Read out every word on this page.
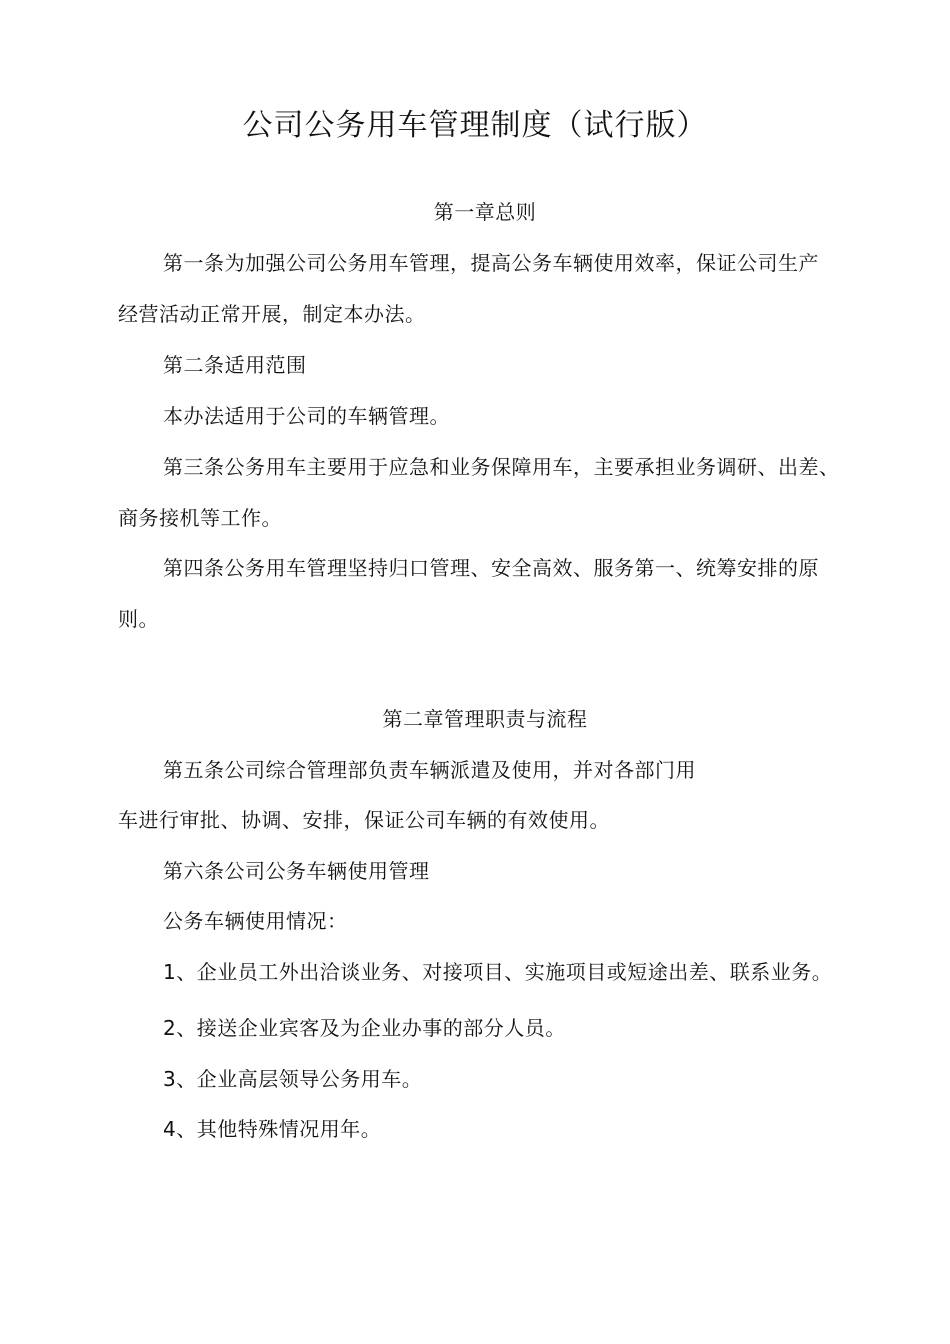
公司公务用车管理制度（试行版）
第一章总则
第一条为加强公司公务用车管理，提高公务车辆使用效率，保证公司生产
经营活动正常开展，制定本办法。
第二条适用范围
本办法适用于公司的车辆管理。
第三条公务用车主要用于应急和业务保障用车，主要承担业务调研、出差、
商务接机等工作。
第四条公务用车管理坚持归口管理、安全高效、服务第一、统筹安排的原
则。
第二章管理职责与流程
第五条公司综合管理部负责车辆派遣及使用，并对各部门用
车进行审批、协调、安排，保证公司车辆的有效使用。
第六条公司公务车辆使用管理
公务车辆使用情况：
1、企业员工外出洽谈业务、对接项目、实施项目或短途出差、联系业务。
2、接送企业宾客及为企业办事的部分人员。
3、企业高层领导公务用车。
4、其他特殊情况用年。
